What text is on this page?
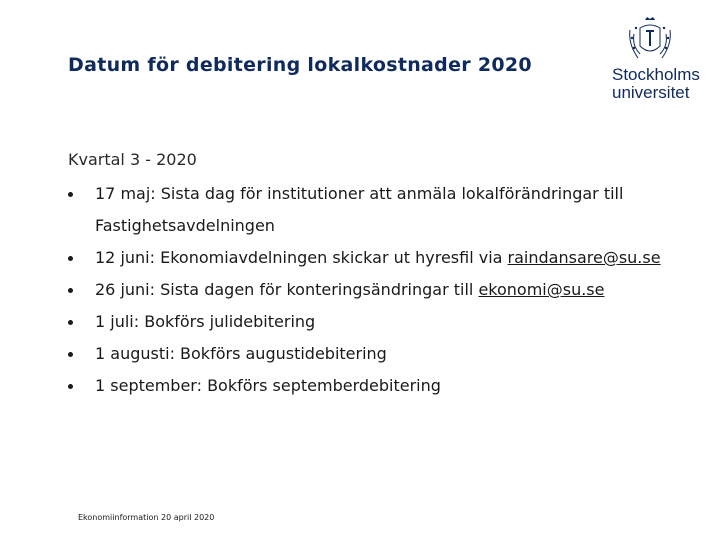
Datum för debitering lokalkostnader 2020	Stockholms
universitet
Kvartal 3 - 2020
17 maj: Sista dag för institutioner att anmäla lokalförändringar till Fastighetsavdelningen
12 juni: Ekonomiavdelningen skickar ut hyresfil via raindansare@su.se
26 juni: Sista dagen för konteringsändringar till ekonomi@su.se
1 juli: Bokförs julidebitering
1 augusti: Bokförs augustidebitering
1 september: Bokförs septemberdebitering
Ekonomiinformation 20 april 2020
